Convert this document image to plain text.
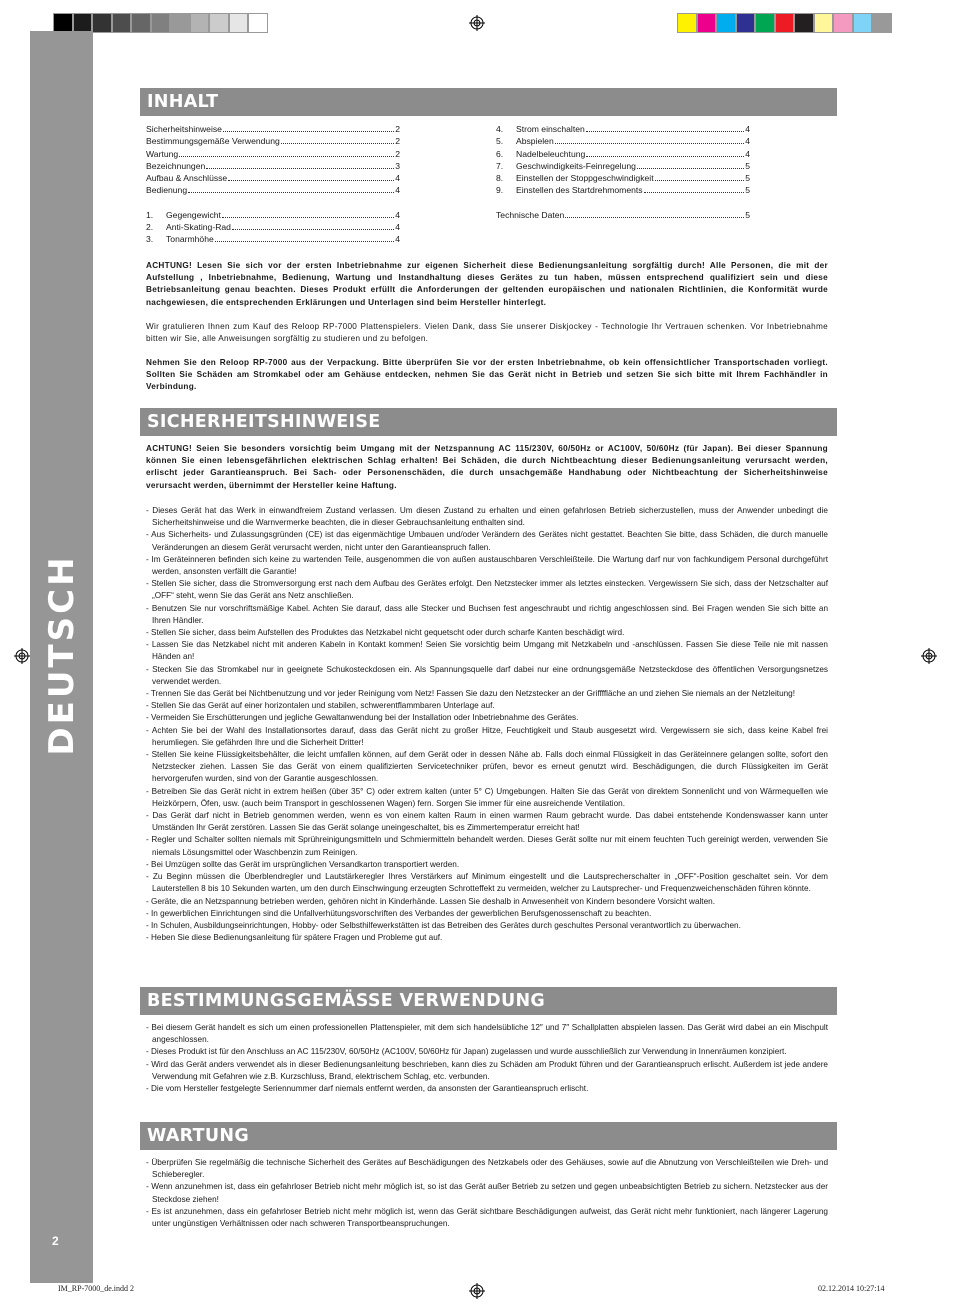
DEUTSCH
2
INHALT
Sicherheitshinweise	2
Bestimmungsgemäße Verwendung	2
Wartung	2
Bezeichnungen	3
Aufbau & Anschlüsse	4
Bedienung	4
1.	Gegengewicht	4
2.	Anti-Skating-Rad	4
3.	Tonarmhöhe	4
4.	Strom einschalten	4
5.	Abspielen	4
6.	Nadelbeleuchtung	4
7.	Geschwindigkeits-Feinregelung	5
8.	Einstellen der Stoppgeschwindigkeit	5
9.	Einstellen des Startdrehmoments	5
Technische Daten	5
ACHTUNG! Lesen Sie sich vor der ersten Inbetriebnahme zur eigenen Sicherheit diese Bedienungsanleitung sorgfältig durch! Alle Personen, die mit der Aufstellung , Inbetriebnahme, Bedienung, Wartung und Instandhaltung dieses Gerätes zu tun haben, müssen entsprechend qualifiziert sein und diese Betriebsanleitung genau beachten. Dieses Produkt erfüllt die Anforderungen der geltenden europäischen und nationalen Richtlinien, die Konformität wurde nachgewiesen, die entsprechenden Erklärungen und Unterlagen sind beim Hersteller hinterlegt.
Wir gratulieren Ihnen zum Kauf des Reloop RP-7000 Plattenspielers. Vielen Dank, dass Sie unserer Diskjockey - Technologie Ihr Vertrauen schenken. Vor Inbetriebnahme bitten wir Sie, alle Anweisungen sorgfältig zu studieren und zu befolgen.
Nehmen Sie den Reloop RP-7000 aus der Verpackung. Bitte überprüfen Sie vor der ersten Inbetriebnahme, ob kein offensichtlicher Transportschaden vorliegt. Sollten Sie Schäden am Stromkabel oder am Gehäuse entdecken, nehmen Sie das Gerät nicht in Betrieb und setzen Sie sich bitte mit Ihrem Fachhändler in Verbindung.
SICHERHEITSHINWEISE
ACHTUNG! Seien Sie besonders vorsichtig beim Umgang mit der Netzspannung AC 115/230V, 60/50Hz or AC100V, 50/60Hz (für Japan). Bei dieser Spannung können Sie einen lebensgefährlichen elektrischen Schlag erhalten! Bei Schäden, die durch Nichtbeachtung dieser Bedienungsanleitung verursacht werden, erlischt jeder Garantieanspruch. Bei Sach- oder Personenschäden, die durch unsachgemäße Handhabung oder Nichtbeachtung der Sicherheitshinweise verursacht werden, übernimmt der Hersteller keine Haftung.
- Dieses Gerät hat das Werk in einwandfreiem Zustand verlassen. Um diesen Zustand zu erhalten und einen gefahrlosen Betrieb sicherzustellen, muss der Anwender unbedingt die Sicherheitshinweise und die Warnvermerke beachten, die in dieser Gebrauchsanleitung enthalten sind.
- Aus Sicherheits- und Zulassungsgründen (CE) ist das eigenmächtige Umbauen und/oder Verändern des Gerätes nicht gestattet. Beachten Sie bitte, dass Schäden, die durch manuelle Veränderungen an diesem Gerät verursacht werden, nicht unter den Garantieanspruch fallen.
- Im Geräteinneren befinden sich keine zu wartenden Teile, ausgenommen die von außen austauschbaren Verschleißteile. Die Wartung darf nur von fachkundigem Personal durchgeführt werden, ansonsten verfällt die Garantie!
- Stellen Sie sicher, dass die Stromversorgung erst nach dem Aufbau des Gerätes erfolgt. Den Netzstecker immer als letztes einstecken. Vergewissern Sie sich, dass der Netzschalter auf „OFF“ steht, wenn Sie das Gerät ans Netz anschließen.
- Benutzen Sie nur vorschriftsmäßige Kabel. Achten Sie darauf, dass alle Stecker und Buchsen fest angeschraubt und richtig angeschlossen sind. Bei Fragen wenden Sie sich bitte an Ihren Händler.
- Stellen Sie sicher, dass beim Aufstellen des Produktes das Netzkabel nicht gequetscht oder durch scharfe Kanten beschädigt wird.
- Lassen Sie das Netzkabel nicht mit anderen Kabeln in Kontakt kommen! Seien Sie vorsichtig beim Umgang mit Netzkabeln und -anschlüssen. Fassen Sie diese Teile nie mit nassen Händen an!
- Stecken Sie das Stromkabel nur in geeignete Schukosteckdosen ein. Als Spannungsquelle darf dabei nur eine ordnungsgemäße Netzsteckdose des öffentlichen Versorgungsnetzes verwendet werden.
- Trennen Sie das Gerät bei Nichtbenutzung und vor jeder Reinigung vom Netz! Fassen Sie dazu den Netzstecker an der Griffffläche an und ziehen Sie niemals an der Netzleitung!
- Stellen Sie das Gerät auf einer horizontalen und stabilen, schwerentflammbaren Unterlage auf.
- Vermeiden Sie Erschütterungen und jegliche Gewaltanwendung bei der Installation oder Inbetriebnahme des Gerätes.
- Achten Sie bei der Wahl des Installationsortes darauf, dass das Gerät nicht zu großer Hitze, Feuchtigkeit und Staub ausgesetzt wird. Vergewissern sie sich, dass keine Kabel frei herumliegen. Sie gefährden Ihre und die Sicherheit Dritter!
- Stellen Sie keine Flüssigkeitsbehälter, die leicht umfallen können, auf dem Gerät oder in dessen Nähe ab. Falls doch einmal Flüssigkeit in das Geräteinnere gelangen sollte, sofort den Netzstecker ziehen. Lassen Sie das Gerät von einem qualifizierten Servicetechniker prüfen, bevor es erneut genutzt wird. Beschädigungen, die durch Flüssigkeiten im Gerät hervorgerufen wurden, sind von der Garantie ausgeschlossen.
- Betreiben Sie das Gerät nicht in extrem heißen (über 35° C) oder extrem kalten (unter 5° C) Umgebungen. Halten Sie das Gerät von direktem Sonnenlicht und von Wärmequellen wie Heizkörpern, Öfen, usw. (auch beim Transport in geschlossenen Wagen) fern. Sorgen Sie immer für eine ausreichende Ventilation.
- Das Gerät darf nicht in Betrieb genommen werden, wenn es von einem kalten Raum in einen warmen Raum gebracht wurde. Das dabei entstehende Kondenswasser kann unter Umständen Ihr Gerät zerstören. Lassen Sie das Gerät solange uneingeschaltet, bis es Zimmertemperatur erreicht hat!
- Regler und Schalter sollten niemals mit Sprühreinigungsmitteln und Schmiermitteln behandelt werden. Dieses Gerät sollte nur mit einem feuchten Tuch gereinigt werden, verwenden Sie niemals Lösungsmittel oder Waschbenzin zum Reinigen.
- Bei Umzügen sollte das Gerät im ursprünglichen Versandkarton transportiert werden.
- Zu Beginn müssen die Überblendregler und Lautstärkeregler Ihres Verstärkers auf Minimum eingestellt und die Lautsprecherschalter in „OFF“-Position geschaltet sein. Vor dem Lauterstellen 8 bis 10 Sekunden warten, um den durch Einschwingung erzeugten Schrotteffekt zu vermeiden, welcher zu Lautsprecher- und Frequenzweichenschäden führen könnte.
- Geräte, die an Netzspannung betrieben werden, gehören nicht in Kinderhände. Lassen Sie deshalb in Anwesenheit von Kindern besondere Vorsicht walten.
- In gewerblichen Einrichtungen sind die Unfallverhütungsvorschriften des Verbandes der gewerblichen Berufsgenossenschaft zu beachten.
- In Schulen, Ausbildungseinrichtungen, Hobby- oder Selbsthilfewerkstätten ist das Betreiben des Gerätes durch geschultes Personal verantwortlich zu überwachen.
- Heben Sie diese Bedienungsanleitung für spätere Fragen und Probleme gut auf.
BESTIMMUNGSGEMÄSSE VERWENDUNG
- Bei diesem Gerät handelt es sich um einen professionellen Plattenspieler, mit dem sich handelsübliche 12″ und 7″ Schallplatten abspielen lassen. Das Gerät wird dabei an ein Mischpult angeschlossen.
- Dieses Produkt ist für den Anschluss an AC 115/230V, 60/50Hz (AC100V, 50/60Hz für Japan) zugelassen und wurde ausschließlich zur Verwendung in Innenräumen konzipiert.
- Wird das Gerät anders verwendet als in dieser Bedienungsanleitung beschrieben, kann dies zu Schäden am Produkt führen und der Garantieanspruch erlischt. Außerdem ist jede andere Verwendung mit Gefahren wie z.B. Kurzschluss, Brand, elektrischem Schlag, etc. verbunden.
- Die vom Hersteller festgelegte Seriennummer darf niemals entfernt werden, da ansonsten der Garantieanspruch erlischt.
WARTUNG
- Überprüfen Sie regelmäßig die technische Sicherheit des Gerätes auf Beschädigungen des Netzkabels oder des Gehäuses, sowie auf die Abnutzung von Verschleißteilen wie Dreh- und Schieberegler.
- Wenn anzunehmen ist, dass ein gefahrloser Betrieb nicht mehr möglich ist, so ist das Gerät außer Betrieb zu setzen und gegen unbeabsichtigten Betrieb zu sichern. Netzstecker aus der Steckdose ziehen!
- Es ist anzunehmen, dass ein gefahrloser Betrieb nicht mehr möglich ist, wenn das Gerät sichtbare Beschädigungen aufweist, das Gerät nicht mehr funktioniert, nach längerer Lagerung unter ungünstigen Verhältnissen oder nach schweren Transportbeanspruchungen.
IM_RP-7000_de.indd 2	02.12.2014 10:27:14
